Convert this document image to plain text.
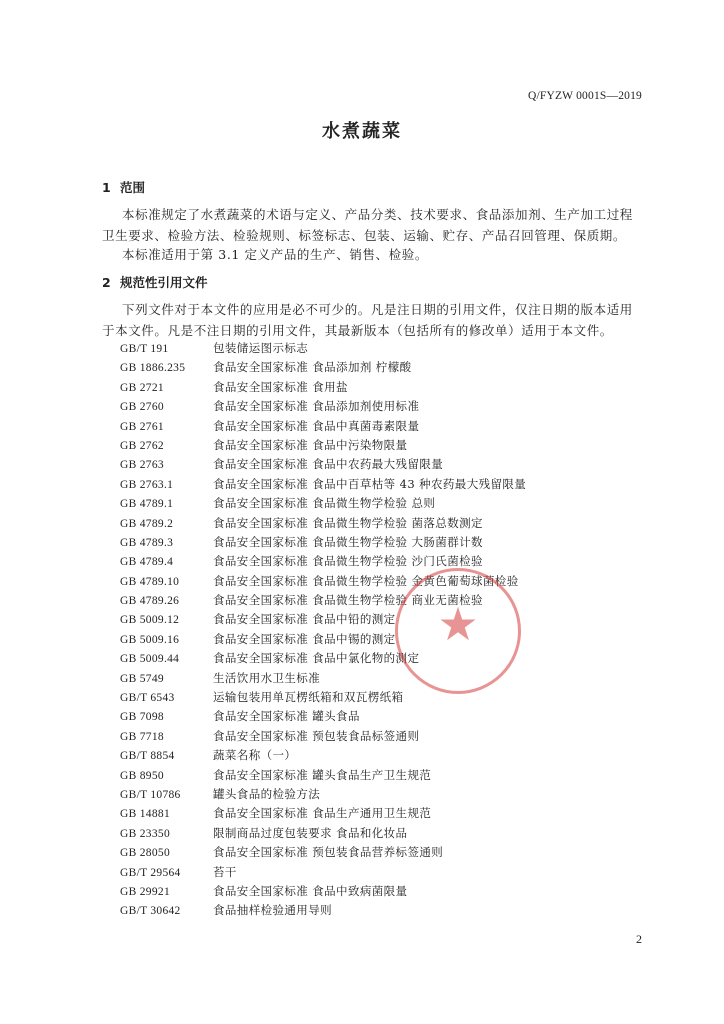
Q/FYZW 0001S—2019
水煮蔬菜
1 范围
本标准规定了水煮蔬菜的术语与定义、产品分类、技术要求、食品添加剂、生产加工过程卫生要求、检验方法、检验规则、标签标志、包装、运输、贮存、产品召回管理、保质期。
本标准适用于第 3.1 定义产品的生产、销售、检验。
2 规范性引用文件
下列文件对于本文件的应用是必不可少的。凡是注日期的引用文件，仅注日期的版本适用于本文件。凡是不注日期的引用文件，其最新版本（包括所有的修改单）适用于本文件。
GB/T 191	包装储运图示标志
GB 1886.235 食品安全国家标准 食品添加剂 柠檬酸
GB 2721	食品安全国家标准 食用盐
GB 2760	食品安全国家标准 食品添加剂使用标准
GB 2761	食品安全国家标准 食品中真菌毒素限量
GB 2762	食品安全国家标准 食品中污染物限量
GB 2763	食品安全国家标准 食品中农药最大残留限量
GB 2763.1	食品安全国家标准 食品中百草枯等 43 种农药最大残留限量
GB 4789.1	食品安全国家标准 食品微生物学检验 总则
GB 4789.2	食品安全国家标准 食品微生物学检验 菌落总数测定
GB 4789.3	食品安全国家标准 食品微生物学检验 大肠菌群计数
GB 4789.4	食品安全国家标准 食品微生物学检验 沙门氏菌检验
GB 4789.10	食品安全国家标准 食品微生物学检验 金黄色葡萄球菌检验
GB 4789.26	食品安全国家标准 食品微生物学检验 商业无菌检验
GB 5009.12	食品安全国家标准 食品中铅的测定
GB 5009.16	食品安全国家标准 食品中锡的测定
GB 5009.44	食品安全国家标准 食品中氯化物的测定
GB 5749	生活饮用水卫生标准
GB/T 6543	运输包装用单瓦楞纸箱和双瓦楞纸箱
GB 7098	食品安全国家标准 罐头食品
GB 7718	食品安全国家标准 预包装食品标签通则
GB/T 8854	蔬菜名称（一）
GB 8950	食品安全国家标准 罐头食品生产卫生规范
GB/T 10786	罐头食品的检验方法
GB 14881	食品安全国家标准 食品生产通用卫生规范
GB 23350	限制商品过度包装要求 食品和化妆品
GB 28050	食品安全国家标准 预包装食品营养标签通则
GB/T 29564	苔干
GB 29921	食品安全国家标准 食品中致病菌限量
GB/T 30642	食品抽样检验通用导则
2
★
